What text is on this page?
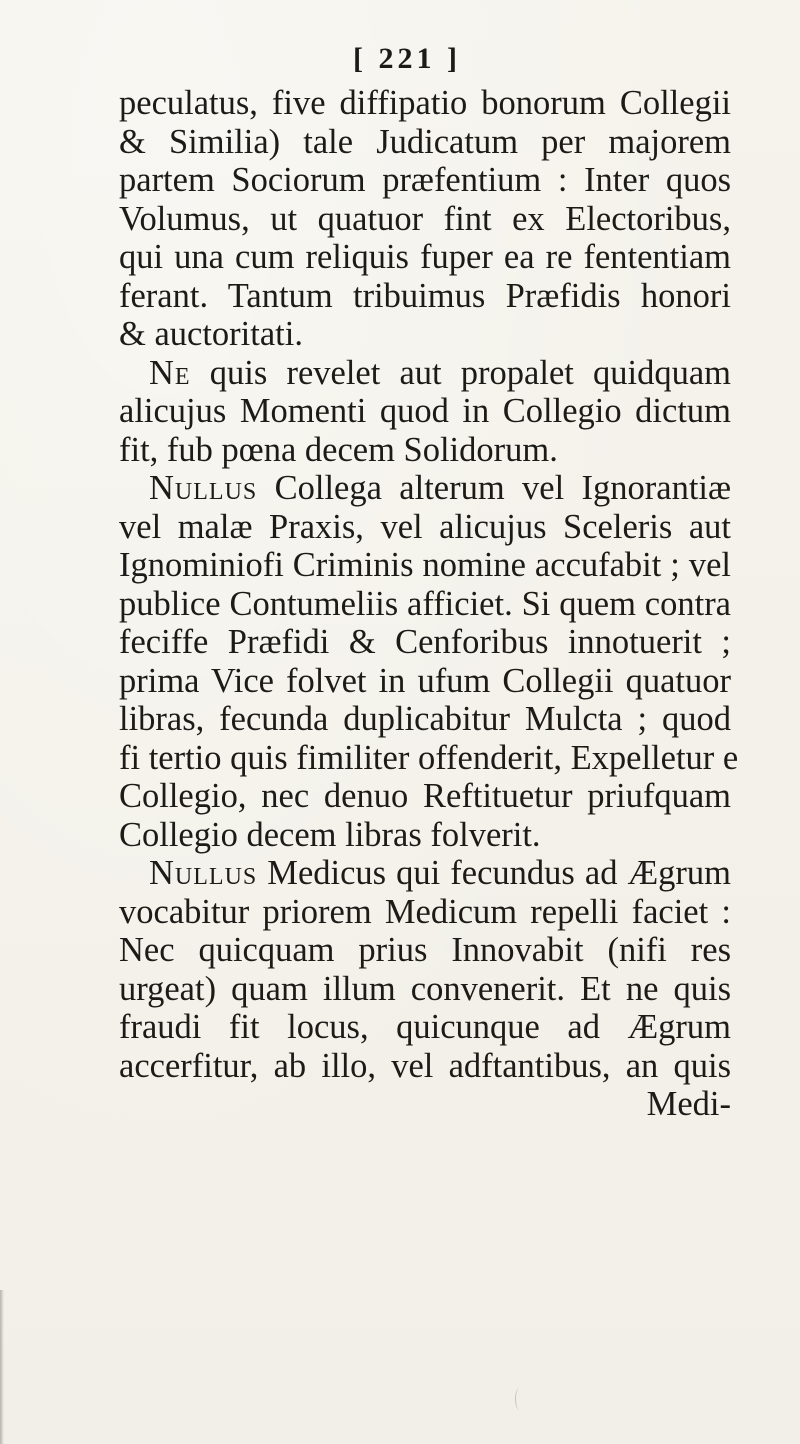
[ 221 ]
peculatus, five diffipatio bonorum Collegii
& Similia) tale Judicatum per majorem
partem Sociorum præfentium : Inter quos
Volumus, ut quatuor fint ex Electoribus,
qui una cum reliquis fuper ea re fententiam
ferant. Tantum tribuimus Præfidis honori
& auctoritati.
Ne quis revelet aut propalet quidquam
alicujus Momenti quod in Collegio dictum
fit, fub pœna decem Solidorum.
Nullus Collega alterum vel Ignorantiæ
vel malæ Praxis, vel alicujus Sceleris aut
Ignominiofi Criminis nomine accufabit ; vel
publice Contumeliis afficiet. Si quem contra
feciffe Præfidi & Cenforibus innotuerit ;
prima Vice folvet in ufum Collegii quatuor
libras, fecunda duplicabitur Mulcta ; quod
fi tertio quis fimiliter offenderit, Expelletur e
Collegio, nec denuo Reftituetur priufquam
Collegio decem libras folverit.
Nullus Medicus qui fecundus ad Ægrum
vocabitur priorem Medicum repelli faciet :
Nec quicquam prius Innovabit (nifi res
urgeat) quam illum convenerit. Et ne quis
fraudi fit locus, quicunque ad Ægrum
accerfitur, ab illo, vel adftantibus, an quis
Medi-
